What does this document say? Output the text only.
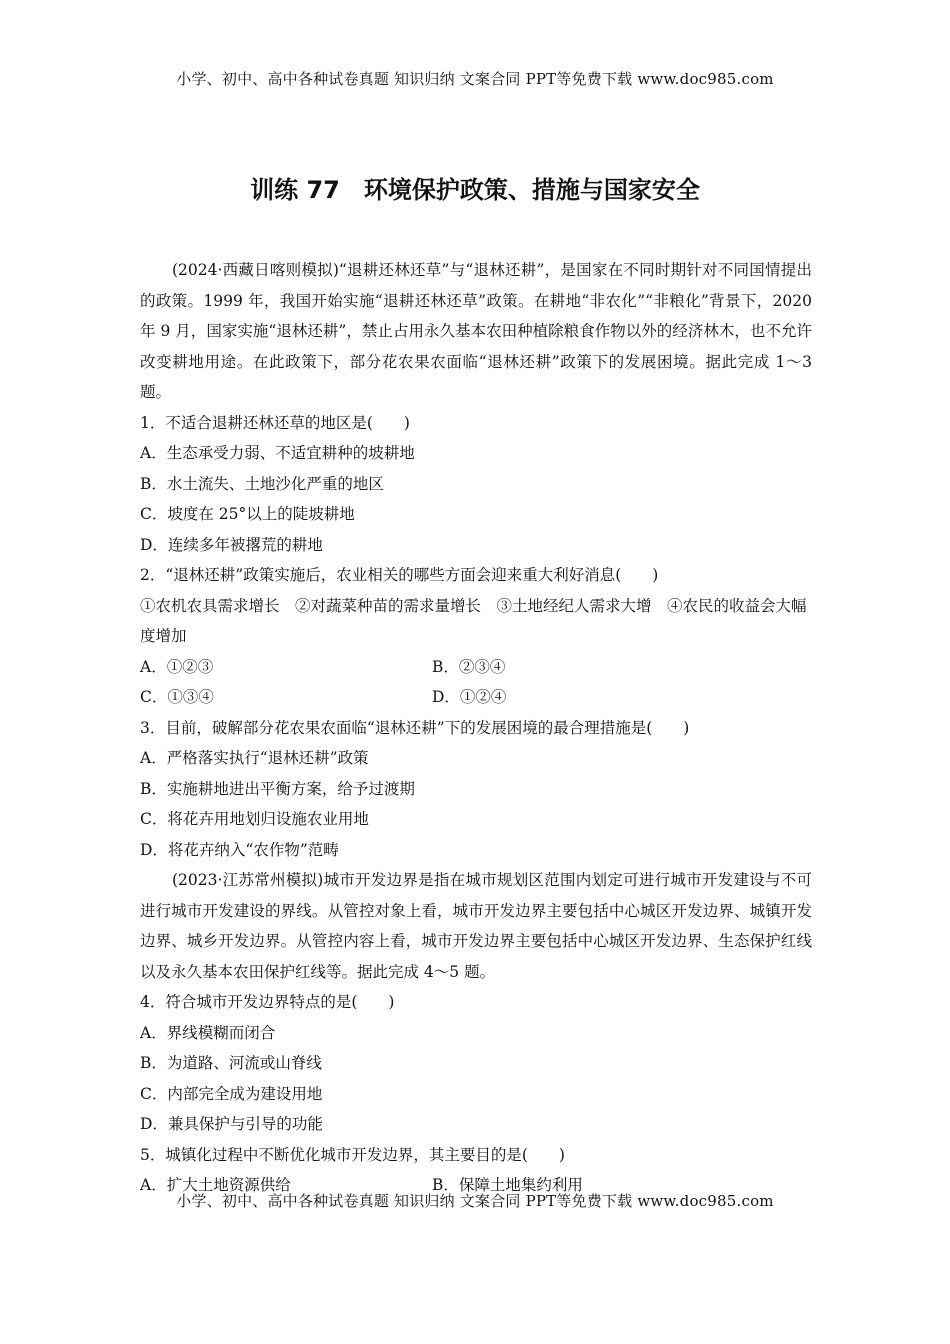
小学、初中、高中各种试卷真题 知识归纳 文案合同 PPT等免费下载 www.doc985.com
训练 77　环境保护政策、措施与国家安全

(2024·西藏日喀则模拟)“退耕还林还草”与“退林还耕”，是国家在不同时期针对不同国情提出的政策。1999 年，我国开始实施“退耕还林还草”政策。在耕地“非农化”“非粮化”背景下，2020 年 9 月，国家实施“退林还耕”，禁止占用永久基本农田种植除粮食作物以外的经济林木，也不允许改变耕地用途。在此政策下，部分花农果农面临“退林还耕”政策下的发展困境。据此完成 1～3 题。

1．不适合退耕还林还草的地区是(　　)

A．生态承受力弱、不适宜耕种的坡耕地

B．水土流失、土地沙化严重的地区

C．坡度在 25°以上的陡坡耕地

D．连续多年被撂荒的耕地

2．“退林还耕”政策实施后，农业相关的哪些方面会迎来重大利好消息(　　)

①农机农具需求增长　②对蔬菜种苗的需求量增长　③土地经纪人需求大增　④农民的收益会大幅度增加

A．①②③	B．②③④
C．①③④	D．①②④

3．目前，破解部分花农果农面临“退林还耕”下的发展困境的最合理措施是(　　)

A．严格落实执行“退林还耕”政策

B．实施耕地进出平衡方案，给予过渡期

C．将花卉用地划归设施农业用地

D．将花卉纳入“农作物”范畴

(2023·江苏常州模拟)城市开发边界是指在城市规划区范围内划定可进行城市开发建设与不可进行城市开发建设的界线。从管控对象上看，城市开发边界主要包括中心城区开发边界、城镇开发边界、城乡开发边界。从管控内容上看，城市开发边界主要包括中心城区开发边界、生态保护红线以及永久基本农田保护红线等。据此完成 4～5 题。

4．符合城市开发边界特点的是(　　)

A．界线模糊而闭合

B．为道路、河流或山脊线

C．内部完全成为建设用地

D．兼具保护与引导的功能

5．城镇化过程中不断优化城市开发边界，其主要目的是(　　)

A．扩大土地资源供给	B．保障土地集约利用
小学、初中、高中各种试卷真题 知识归纳 文案合同 PPT等免费下载 www.doc985.com
